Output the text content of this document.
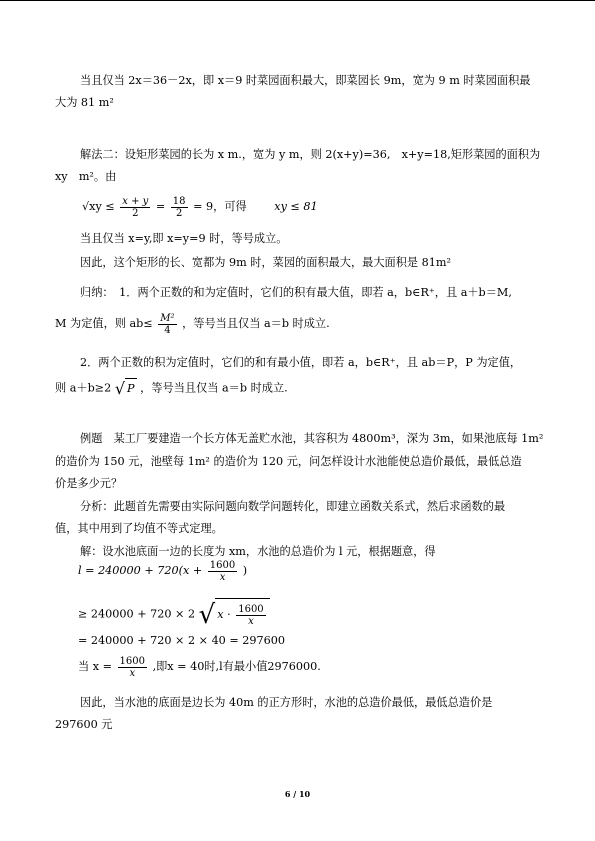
当且仅当 2x＝36－2x，即 x＝9 时菜园面积最大，即菜园长 9m，宽为 9 m 时菜园面积最
大为 81 m²
解法二：设矩形菜园的长为 x m.，宽为 y m，则 2(x+y)=36,　x+y=18,矩形菜园的面积为
xy　m²。由
$√xy \le \frac{x + y}{2} = \frac{18}{2} = 9$，可得 xy ≤ 81
当且仅当 x=y,即 x=y=9 时，等号成立。
因此，这个矩形的长、宽都为 9m 时，菜园的面积最大，最大面积是 81m²
归纳：　1．两个正数的和为定值时，它们的积有最大值，即若 a，b∈R⁺，且 a＋b＝M,
M 为定值，则 $ab\le \frac{\text{M²}}{4}$ ，等号当且仅当 a＝b 时成立.
2．两个正数的积为定值时，它们的和有最小值，即若 a，b∈R⁺，且 ab＝P，P 为定值，
则 a＋b≥2 √ P ，等号当且仅当 a＝b 时成立.
例题　某工厂要建造一个长方体无盖贮水池，其容积为 4800m³，深为 3m，如果池底每 1m²
的造价为 150 元，池壁每 1m² 的造价为 120 元，问怎样设计水池能使总造价最低，最低总造
价是多少元？
分析：此题首先需要由实际问题向数学问题转化，即建立函数关系式，然后求函数的最
值，其中用到了均值不等式定理。
解：设水池底面一边的长度为 xm，水池的总造价为 l 元，根据题意，得
$l = 240000 + 720(x + \frac{1600}{x}$ )
≥ 240000 + 720 × 2 √ $x \cdot \frac{1600}{x}$
= 240000 + 720 × 2 × 40 = 297600
当 $x = \frac{1600}{x}$ ,即x = 40时,l有最小值2976000.
因此，当水池的底面是边长为 40m 的正方形时，水池的总造价最低，最低总造价是
297600 元
6 / 10
